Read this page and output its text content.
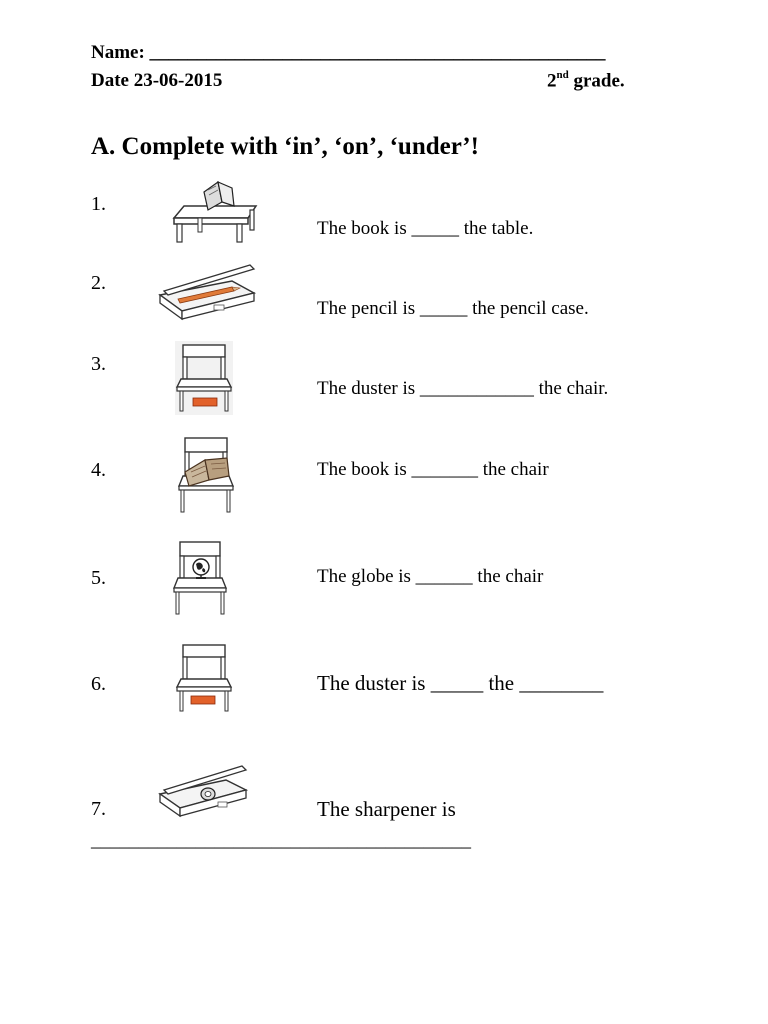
Name: ________________________________________________
Date 23-06-2015	2nd grade.
A. Complete with ‘in’, ‘on’, ‘under’!
1.
The book is _____ the table.
2.
The pencil is _____ the pencil case.
3.
The duster is ____________ the chair.
4.	The book is _______ the chair
5.	The globe is ______ the chair
6.	The duster is _____ the ________
7.	The sharpener is
________________________________________
